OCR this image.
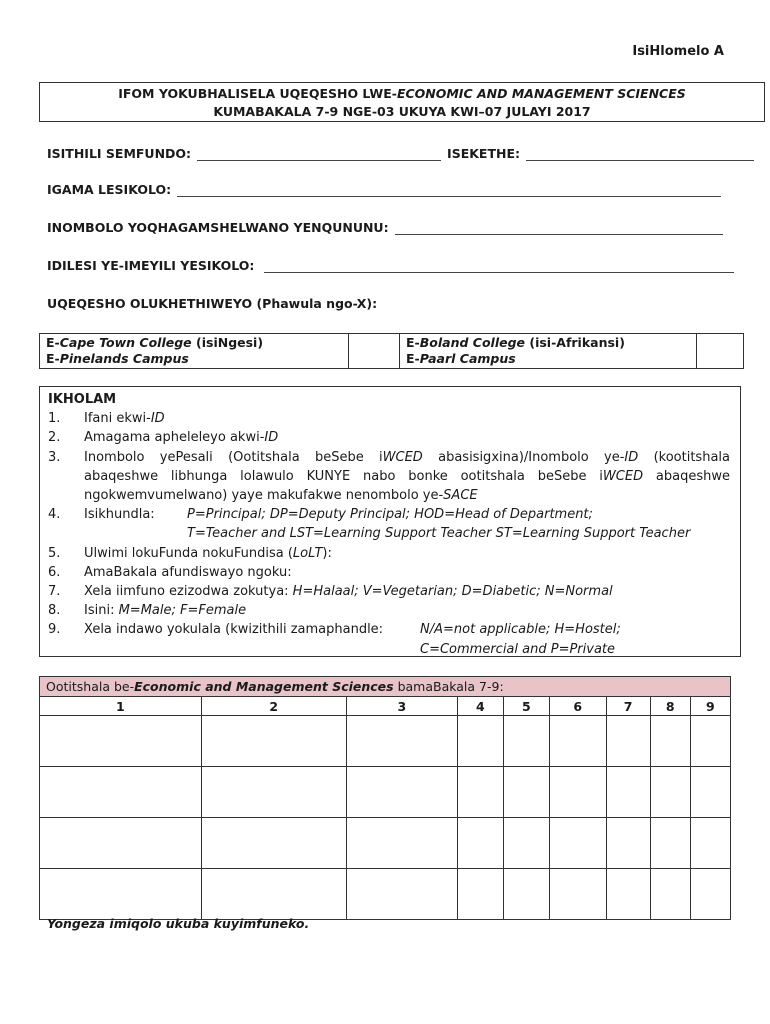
IsiHlomelo A
IFOM YOKUBHALISELA UQEQESHO LWE-ECONOMIC AND MANAGEMENT SCIENCES
KUMABAKALA 7-9 NGE-03 UKUYA KWI–07 JULAYI 2017
ISITHILI SEMFUNDO:	ISEKETHE:
IGAMA LESIKOLO:
INOMBOLO YOQHAGAMSHELWANO YENQUNUNU:
IDILESI YE-IMEYILI YESIKOLO:
UQEQESHO OLUKHETHIWEYO (Phawula ngo-X):
E-Cape Town College (isiNgesi)
E-Pinelands Campus

E-Boland College (isi-Afrikansi)
E-Paarl Campus

IKHOLAM
1.	Ifani ekwi-ID
2.	Amagama apheleleyo akwi-ID
3.	Inombolo yePesali (Ootitshala beSebe iWCED abasisigxina)/Inombolo ye-ID (kootitshala abaqeshwe libhunga lolawulo KUNYE nabo bonke ootitshala beSebe iWCED abaqeshwe ngokwemvumelwano) yaye makufakwe nenombolo ye-SACE
4.	Isikhundla: P=Principal; DP=Deputy Principal; HOD=Head of Department;
T=Teacher and LST=Learning Support Teacher ST=Learning Support Teacher
5.	Ulwimi lokuFunda nokuFundisa (LoLT):
6.	AmaBakala afundiswayo ngoku:
7.	Xela iimfuno ezizodwa zokutya: H=Halaal; V=Vegetarian; D=Diabetic; N=Normal
8.	Isini: M=Male; F=Female
9.	Xela indawo yokulala (kwizithili zamaphandle:	N/A=not applicable; H=Hostel;
C=Commercial and P=Private
Ootitshala be-Economic and Management Sciences bamaBakala 7-9:								
1	2	3	4	5	6	7	8	9

Yongeza imiqolo ukuba kuyimfuneko.
